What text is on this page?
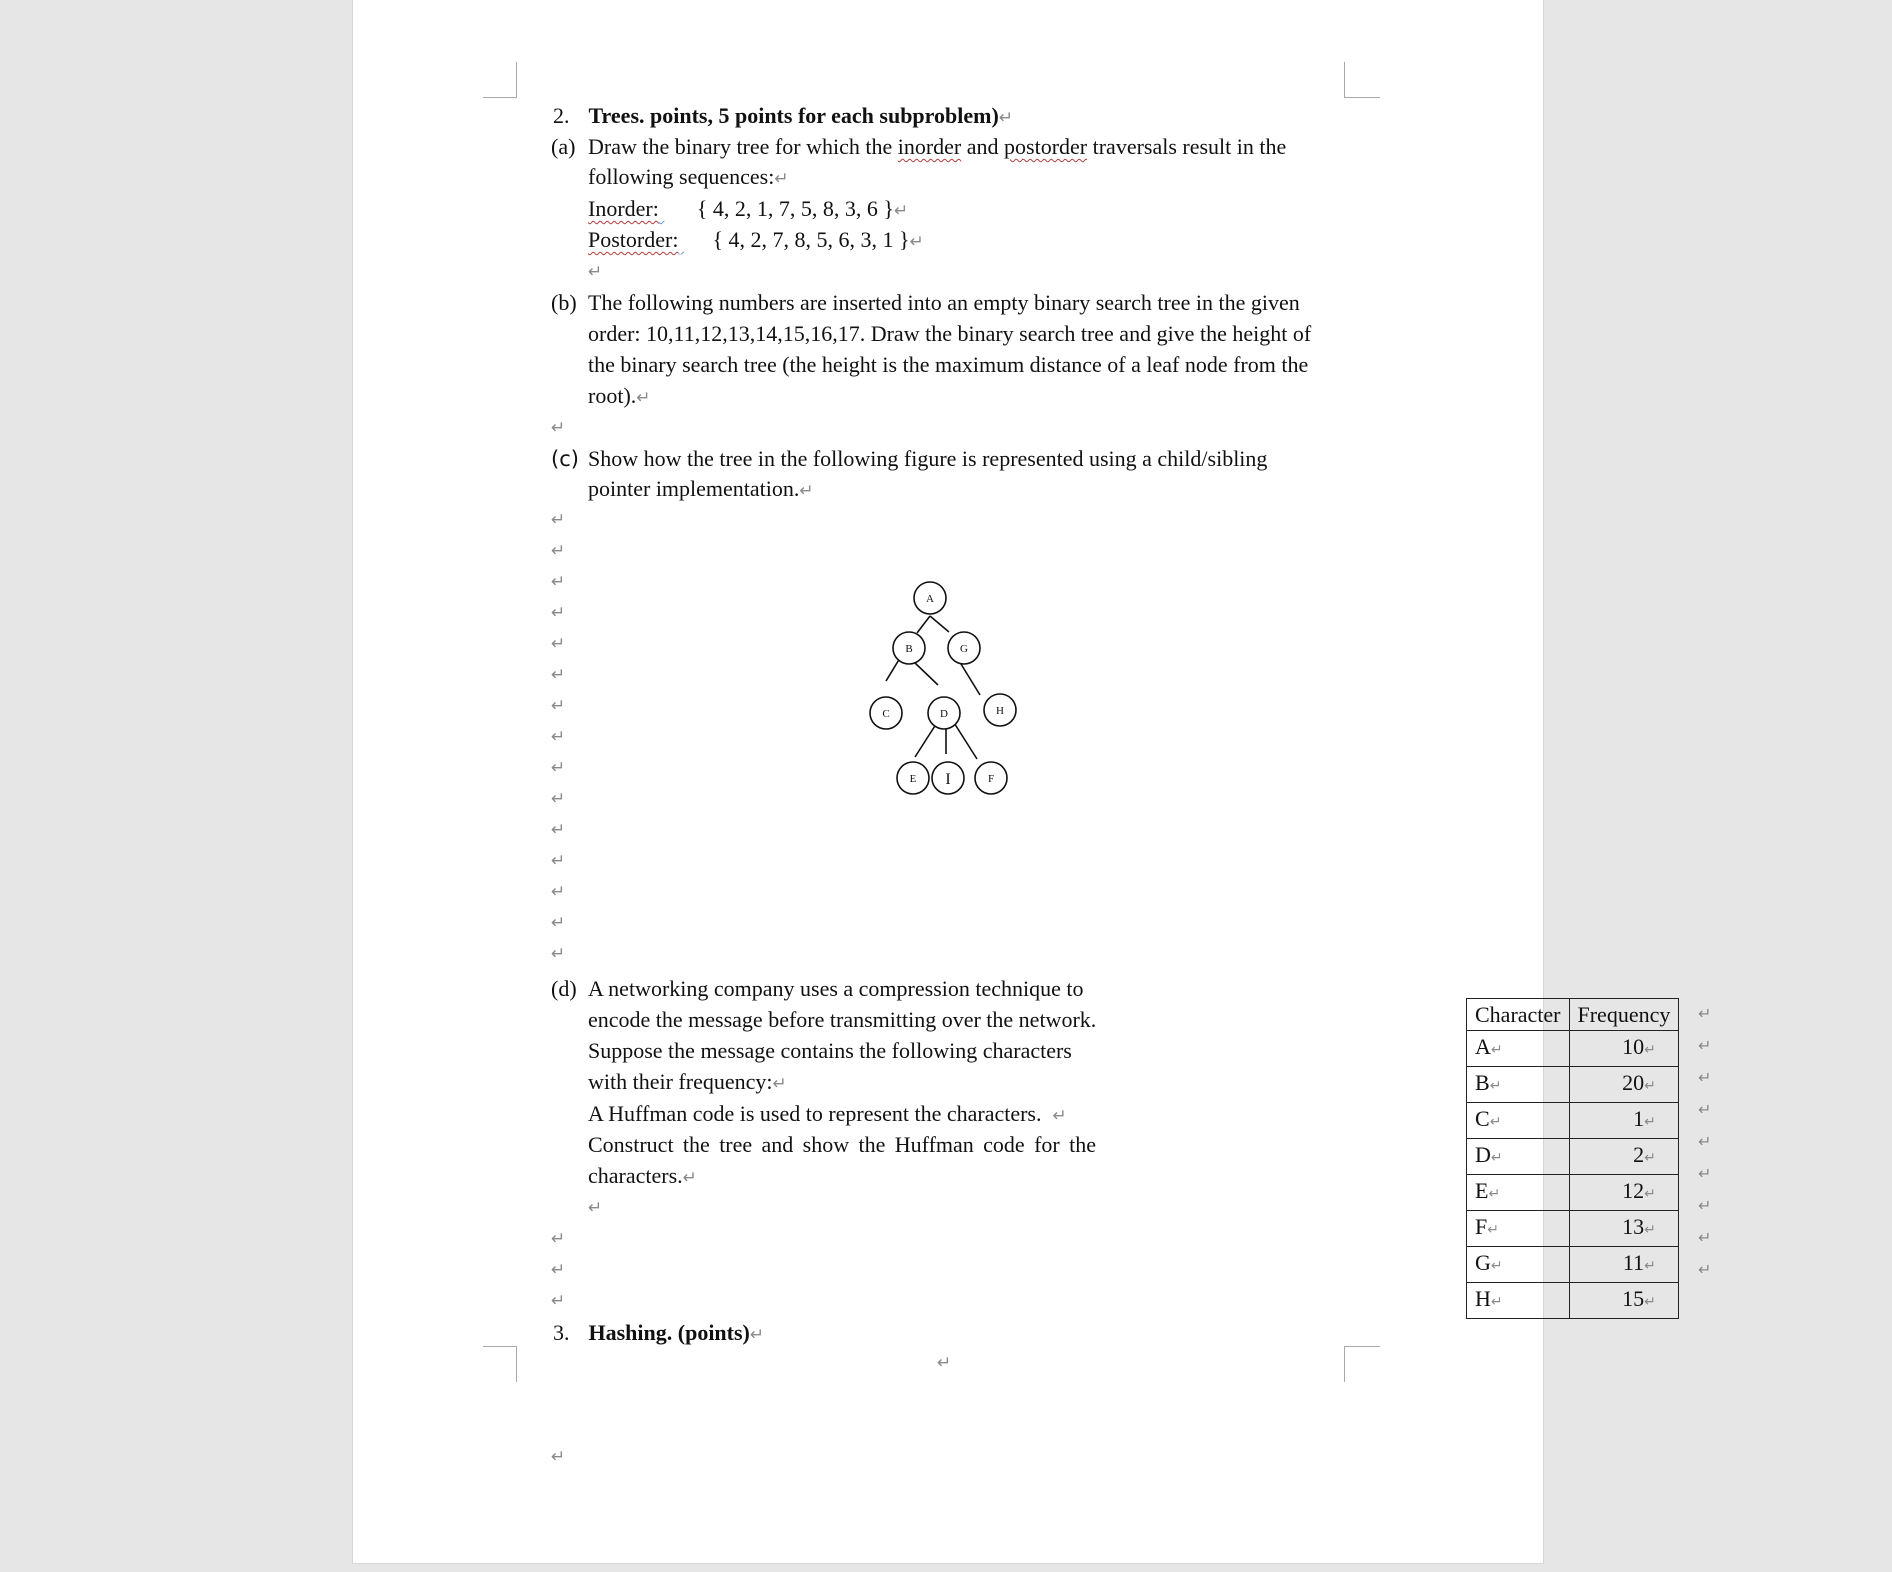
2. Trees. points, 5 points for each subproblem)↵
(a) Draw the binary tree for which the inorder and postorder traversals result in the
following sequences:↵
Inorder: { 4, 2, 1, 7, 5, 8, 3, 6 }↵
Postorder: { 4, 2, 7, 8, 5, 6, 3, 1 }↵
↵
(b) The following numbers are inserted into an empty binary search tree in the given
order: 10,11,12,13,14,15,16,17. Draw the binary search tree and give the height of
the binary search tree (the height is the maximum distance of a leaf node from the
root).↵
↵
(c) Show how the tree in the following figure is represented using a child/sibling
pointer implementation.↵
↵
↵
↵
↵
↵
↵
↵
↵
↵
↵
↵
↵
↵
↵
↵
A
B	G
C	D	H
E I	F
(d) A networking company uses a compression technique to
encode the message before transmitting over the network.
Suppose the message contains the following characters
with their frequency:↵
A Huffman code is used to represent the characters. ↵
Construct the tree and show the Huffman code for the
characters.↵
↵
↵
↵
↵
Character	Frequency
A↵	10↵
B↵	20↵
C↵	1↵
D↵	2↵
E↵	12↵
F↵	13↵
G↵	11↵
H↵	15↵
↵
↵
↵
↵
↵
↵
↵
↵
↵
3. Hashing. (points)↵
↵
↵
